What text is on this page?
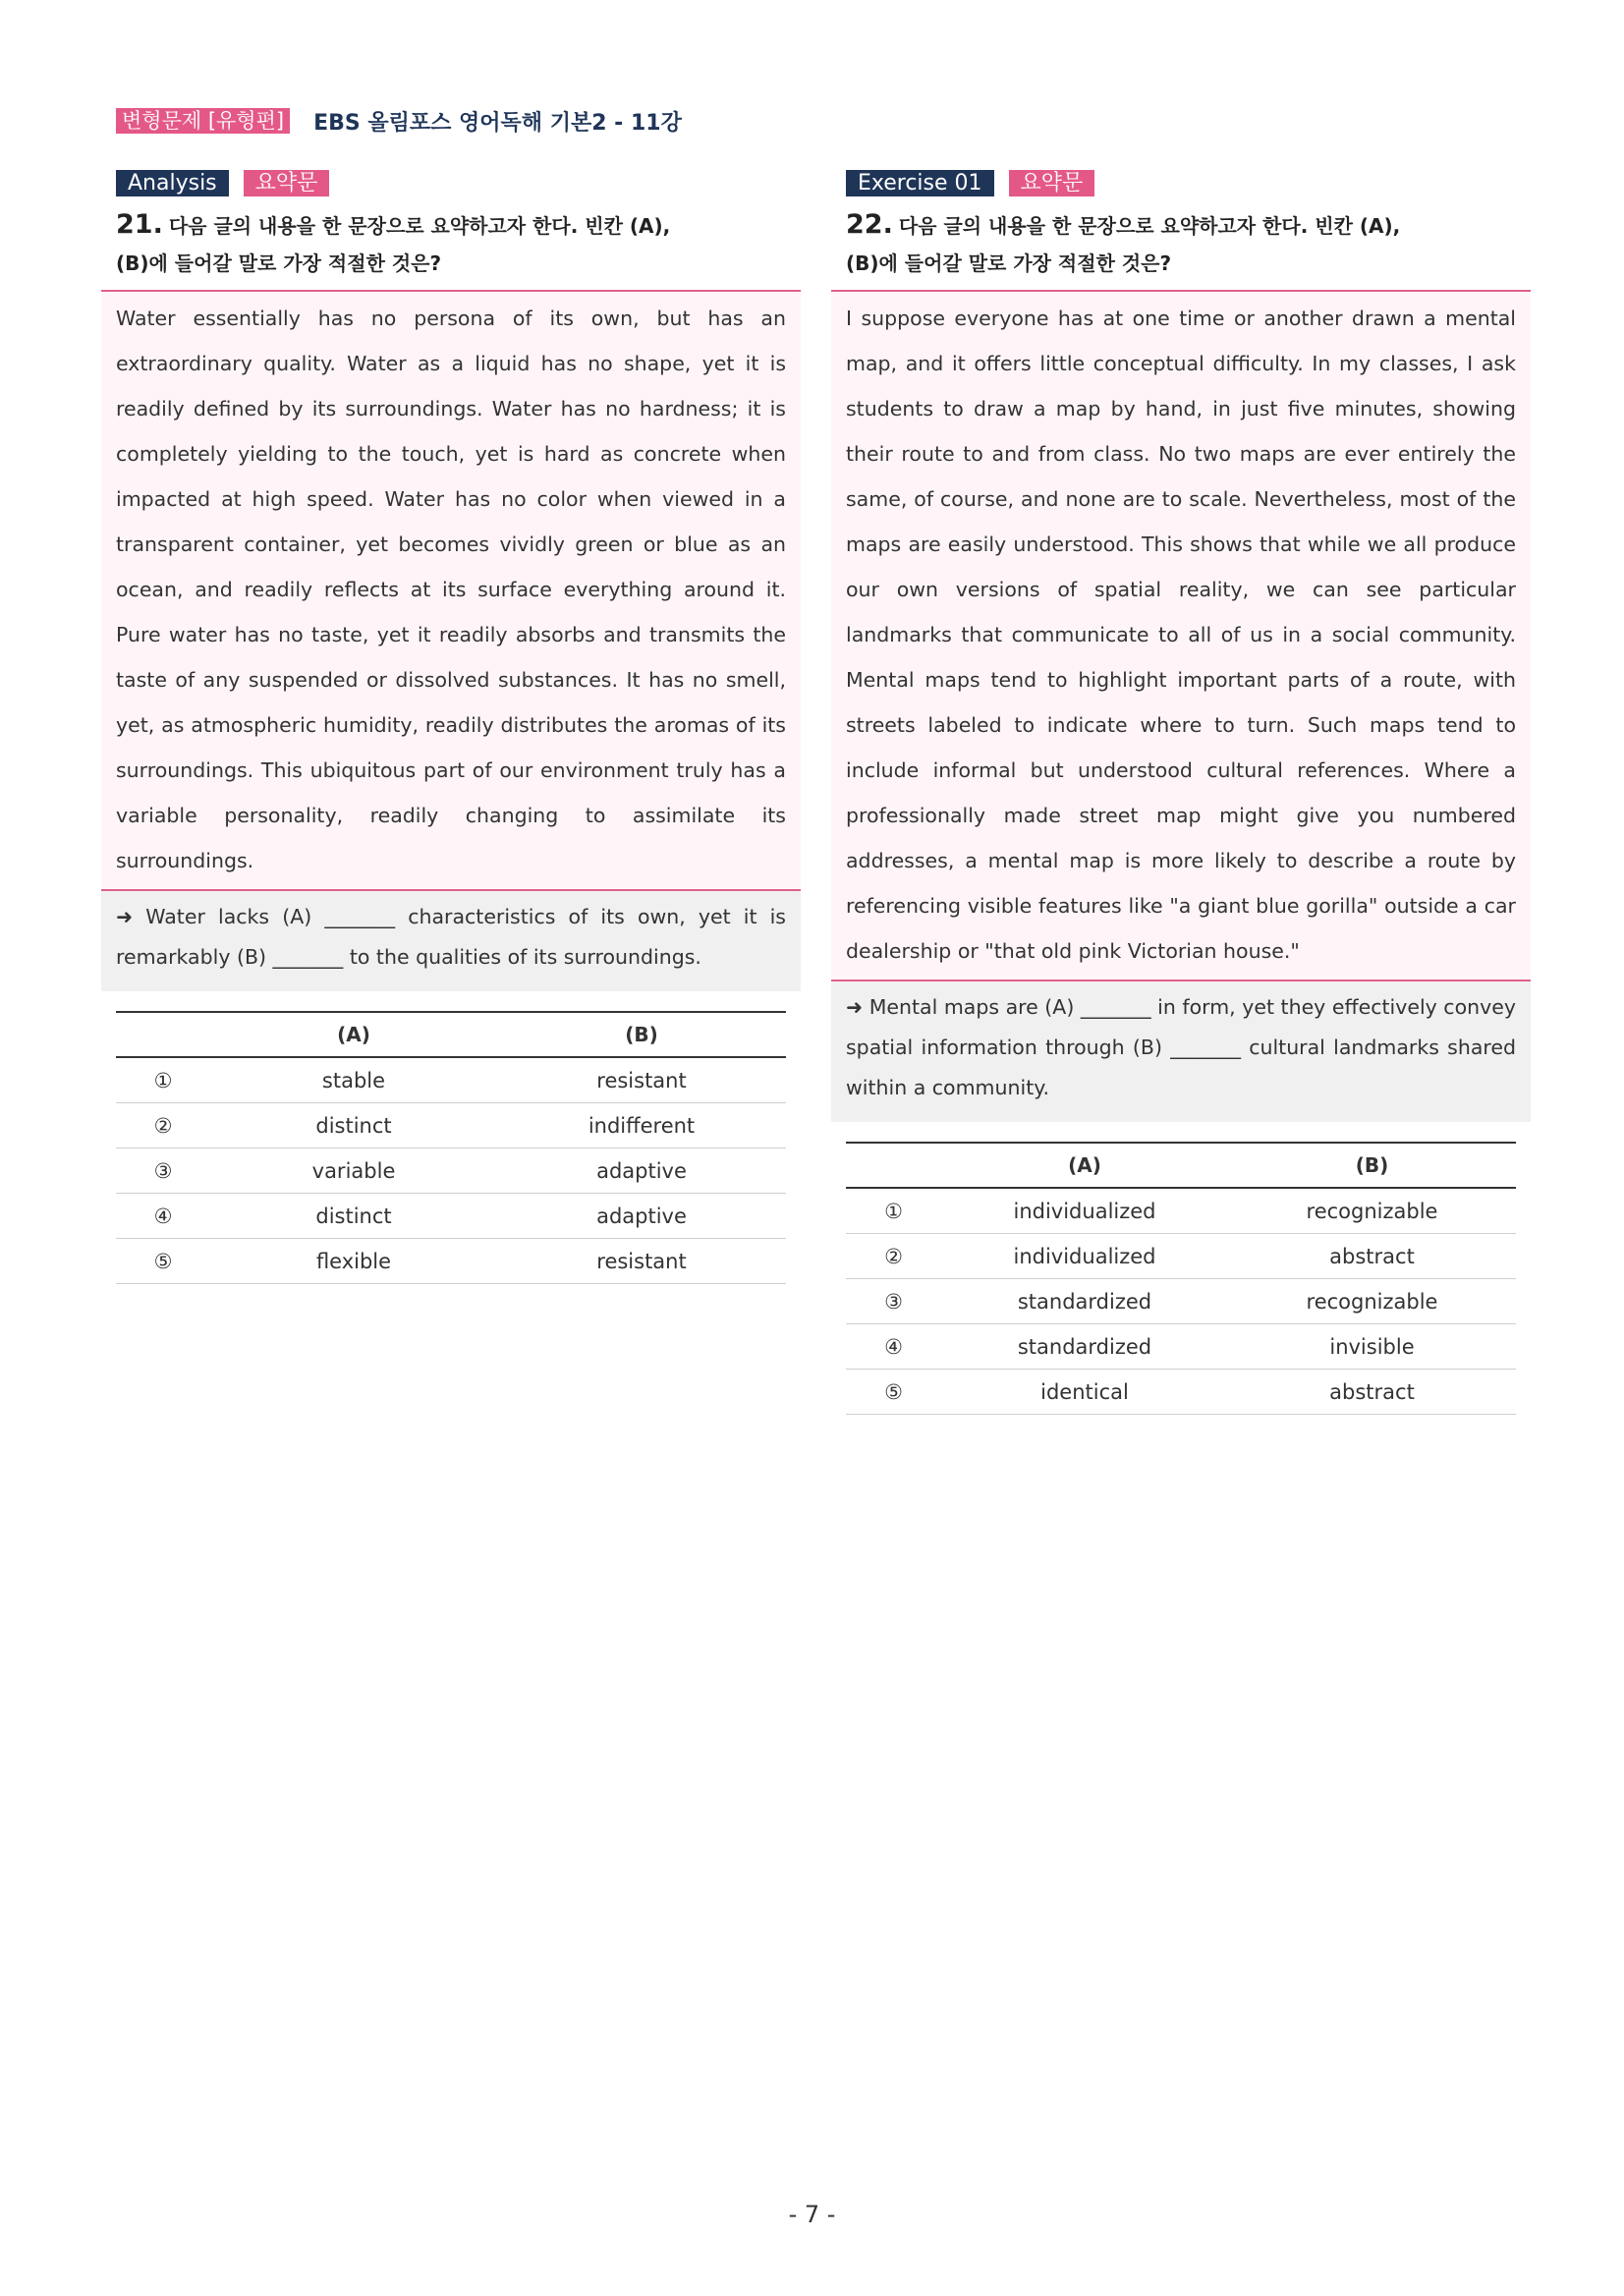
변형문제 [유형편] EBS 올림포스 영어독해 기본2 - 11강
Analysis	요약문
21. 다음 글의 내용을 한 문장으로 요약하고자 한다. 빈칸 (A),
(B)에 들어갈 말로 가장 적절한 것은?

Water essentially has no persona of its own, but has an extraordinary quality. Water as a liquid has no shape, yet it is readily defined by its surroundings. Water has no hardness; it is completely yielding to the touch, yet is hard as concrete when impacted at high speed. Water has no color when viewed in a transparent container, yet becomes vividly green or blue as an ocean, and readily reflects at its surface everything around it. Pure water has no taste, yet it readily absorbs and transmits the taste of any suspended or dissolved substances. It has no smell, yet, as atmospheric humidity, readily distributes the aromas of its surroundings. This ubiquitous part of our environment truly has a variable personality, readily changing to assimilate its surroundings.

➜ Water lacks (A) _______ characteristics of its own, yet it is remarkably (B) _______ to the qualities of its surroundings.

(A)	(B)
①	stable	resistant
②	distinct	indifferent
③	variable	adaptive
④	distinct	adaptive
⑤	flexible	resistant
Exercise 01	요약문
22. 다음 글의 내용을 한 문장으로 요약하고자 한다. 빈칸 (A),
(B)에 들어갈 말로 가장 적절한 것은?

I suppose everyone has at one time or another drawn a mental map, and it offers little conceptual difficulty. In my classes, I ask students to draw a map by hand, in just five minutes, showing their route to and from class. No two maps are ever entirely the same, of course, and none are to scale. Nevertheless, most of the maps are easily understood. This shows that while we all produce our own versions of spatial reality, we can see particular landmarks that communicate to all of us in a social community. Mental maps tend to highlight important parts of a route, with streets labeled to indicate where to turn. Such maps tend to include informal but understood cultural references. Where a professionally made street map might give you numbered addresses, a mental map is more likely to describe a route by referencing visible features like "a giant blue gorilla" outside a car dealership or "that old pink Victorian house."

➜ Mental maps are (A) _______ in form, yet they effectively convey spatial information through (B) _______ cultural landmarks shared within a community.

(A)	(B)
①	individualized	recognizable
②	individualized	abstract
③	standardized	recognizable
④	standardized	invisible
⑤	identical	abstract
- 7 -
